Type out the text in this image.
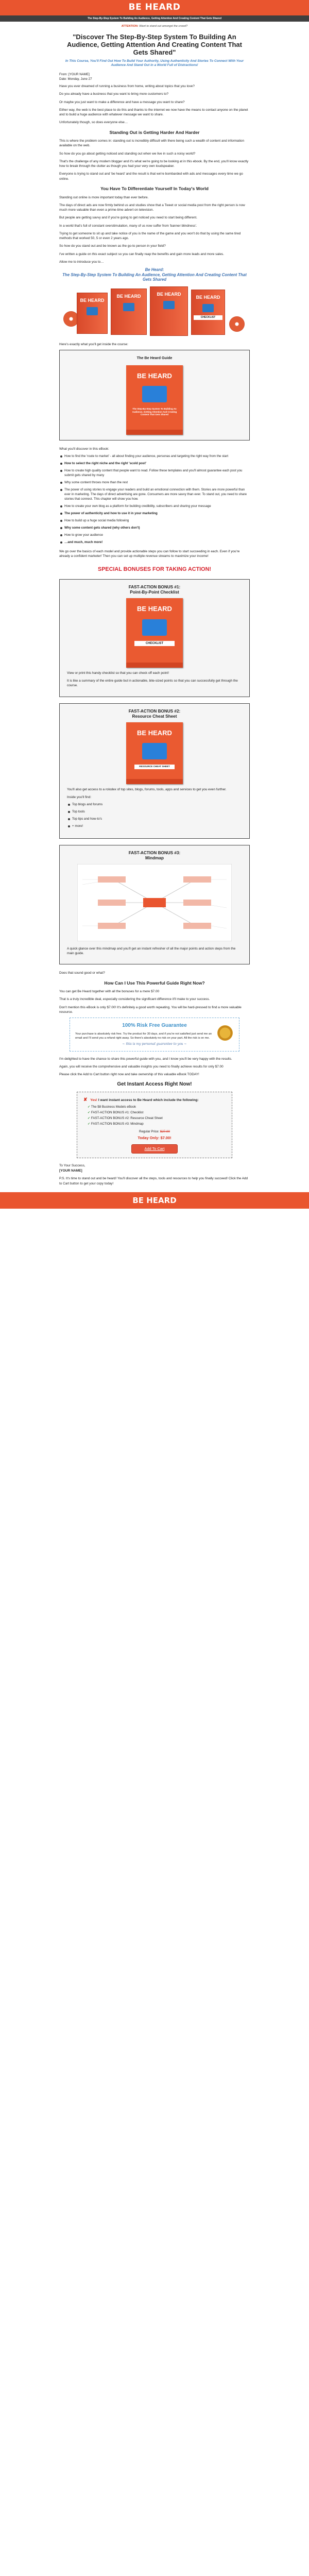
BE HEARD
The Step-By-Step System To Building An Audience, Getting Attention And Creating Content That Gets Shared
ATTENTION: Want to stand out amongst the crowd?
"Discover The Step-By-Step System To Building An Audience, Getting Attention And Creating Content That Gets Shared"
In This Course, You'll Find Out How To Build Your Authority, Using Authenticity And Stories To Connect With Your Audience And Stand Out in a World Full of Distractions!
From: [YOUR NAME]
Date: Monday, June 27

Have you ever dreamed of running a business from home, writing about topics that you love?

Do you already have a business that you want to bring more customers to?

Or maybe you just want to make a difference and have a message you want to share?

Either way, the web is the best place to do this and thanks to the internet we now have the means to contact anyone on the planet and to build a huge audience with whatever message we want to share.

Unfortunately though, so does everyone else…

Standing Out is Getting Harder And Harder

This is where the problem comes in: standing out is incredibly difficult with there being such a wealth of content and information available on the web.

So how do you go about getting noticed and standing out when we live in such a noisy world?

That's the challenge of any modern blogger and it's what we're going to be looking at in this ebook. By the end, you'll know exactly how to break through the clutter as though you had your very own loudspeaker.

Everyone is trying to stand out and 'be heard' and the result is that we're bombarded with ads and messages every time we go online.

You Have To Differentiate Yourself In Today's World

Standing out online is more important today than ever before.

The days of direct ads are now firmly behind us and studies show that a Tweet or social media post from the right person is now much more valuable than even a prime-time advert on television.

But people are getting savvy and if you're going to get noticed you need to start being different.

In a world that's full of constant overstimulation, many of us now suffer from 'banner blindness'.

Trying to get someone to sit up and take notice of you is the name of the game and you won't do that by using the same tired methods that worked 50, 5 or even 2 years ago.

So how do you stand out and be known as the go-to person in your field?

I've written a guide on this exact subject so you can finally reap the benefits and gain more leads and more sales.

Allow me to introduce you to…

Be Heard:
The Step-By-Step System To Building An Audience, Getting Attention And Creating Content That Gets Shared
BE HEARD
BE HEARD	BE HEARD
BE HEARD
CHECKLIST

Here's exactly what you'll get inside the course:

The Be Heard Guide
BE HEARD
The Step-By-Step System To Building An Audience, Getting Attention And Creating Content That Gets Shared

What you'll discover in this eBook:

How to find the 'route to market' - all about finding your audience, personas and targeting the right way from the start
How to select the right niche and the right 'scold post'
How to create high quality content that people want to read. Follow these templates and you'll almost guarantee each post you submit gets shared by many
Why some content throws more than the rest
The power of using stories to engage your readers and build an emotional connection with them. Stories are more powerful than ever in marketing. The days of direct advertising are gone. Consumers are more savvy than ever. To stand out, you need to share stories that connect. This chapter will show you how.
How to create your own blog as a platform for building credibility, subscribers and sharing your message
The power of authenticity and how to use it in your marketing
How to build up a huge social media following
Why some content gets shared (why others don't)
How to grow your audience
…and much, much more!

We go over the basics of each model and provide actionable steps you can follow to start succeeding in each. Even if you're already a confident marketer! Then you can set up multiple revenue streams to maximize your income!

SPECIAL BONUSES FOR TAKING ACTION!
FAST-ACTION BONUS #1:
Point-By-Point Checklist
BE HEARD
CHECKLIST

View or print this handy checklist so that you can check off each point!

It is like a summary of the entire guide but in actionable, bite-sized points so that you can successfully get through the course.

FAST-ACTION BONUS #2:
Resource Cheat Sheet
BE HEARD
RESOURCE CHEAT SHEET

You'll also get access to a rolodex of top sites, blogs, forums, tools, apps and services to get you even further.

Inside you'll find:

Top blogs and forums
Top tools
Top tips and how-to's
+ more!
FAST-ACTION BONUS #3:
Mindmap

A quick glance over this mindmap and you'll get an instant refresher of all the major points and action steps from the main guide.

Does that sound good or what?

How Can I Use This Powerful Guide Right Now?

You can get Be Heard together with all the bonuses for a mere $7.00

That is a truly incredible deal, especially considering the significant difference it'll make to your success.

Don't mention this eBook is only $7.00! It's definitely a good worth repeating. You will be hard-pressed to find a more valuable resource.

100% Risk Free Guarantee
Your purchase is absolutely risk free. Try the product for 30 days, and if you're not satisfied just send me an email and I'll send you a refund right away. So there's absolutely no risk on your part. All the risk is on me.
~ this is my personal guarantee to you ~

I'm delighted to have the chance to share this powerful guide with you, and I know you'll be very happy with the results.

Again, you will receive the comprehensive and valuable insights you need to finally achieve results for only $7.00

Please click the Add to Cart button right now and take ownership of this valuable eBook TODAY!

Get Instant Access Right Now!
✘ Yes! I want instant access to Be Heard which include the following:
✓ The $8 Business Models eBook
✓ FAST-ACTION BONUS #1: Checklist
✓ FAST-ACTION BONUS #2: Resource Cheat Sheet
✓ FAST-ACTION BONUS #3: Mindmap
Regular Price: $27.00
Today Only: $7.00!
Add To Cart
To Your Success,
[YOUR NAME]

P.S. It's time to stand out and be heard! You'll discover all the steps, tools and resources to help you finally succeed! Click the Add to Cart button to get your copy today!

BE HEARD
